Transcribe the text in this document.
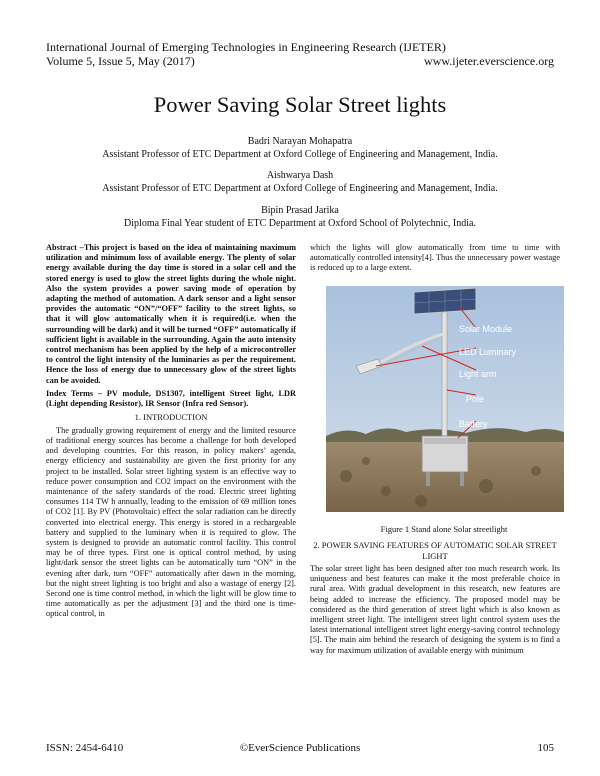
International Journal of Emerging Technologies in Engineering Research (IJETER)
Volume 5, Issue 5, May (2017)	www.ijeter.everscience.org
Power Saving Solar Street lights
Badri Narayan Mohapatra
Assistant Professor of ETC Department at Oxford College of Engineering and Management, India.
Aishwarya Dash
Assistant Professor of ETC Department at Oxford College of Engineering and Management, India.
Bipin Prasad Jarika
Diploma Final Year student of ETC Department at Oxford School of Polytechnic, India.

Abstract –This project is based on the idea of maintaining maximum utilization and minimum loss of available energy. The plenty of solar energy available during the day time is stored in a solar cell and the stored energy is used to glow the street lights during the whole night. Also the system provides a power saving mode of operation by adapting the method of automation. A dark sensor and a light sensor provides the automatic “ON”/“OFF” facility to the street lights, so that it will glow automatically when it is required(i.e. when the surrounding will be dark) and it will be turned “OFF” automatically if sufficient light is available in the surrounding. Again the auto intensity control mechanism has been applied by the help of a microcontroller to control the light intensity of the luminaries as per the requirement. Hence the loss of energy due to unnecessary glow of the street lights can be avoided.

Index Terms – PV module, DS1307, intelligent Street light, LDR (Light depending Resistor), IR Sensor (Infra red Sensor).

1. INTRODUCTION

The gradually growing requirement of energy and the limited resource of traditional energy sources has become a challenge for both developed and developing countries. For this reason, in policy makers’ agenda, energy efficiency and sustainability are given the first priority for any project to be installed. Solar street lighting system is an effective way to reduce power consumption and CO2 impact on the environment with the maintenance of the safety standards of the road. Electric street lighting consumes 114 TW h annually, leading to the emission of 69 million tones of CO2 [1]. By PV (Photovoltaic) effect the solar radiation can be directly converted into electrical energy. This energy is stored in a rechargeable battery and supplied to the luminary when it is required to glow. The system is designed to provide an automatic control facility. This control may be of three types. First one is optical control method, by using light/dark sensor the street lights can be automatically turn “ON” in the evening after dark, turn “OFF” automatically after dawn in the morning, but the night street lighting is too bright and also a wastage of energy [2]. Second one is time control method, in which the light will be glow time to time automatically as per the adjustment [3] and the third one is time-optical control, in

which the lights will glow automatically from time to time with automatically controlled intensity[4]. Thus the unnecessary power wastage is reduced up to a large extent.

Solar Module
LED Luminary
Light arm
Pole
Battery
Figure 1 Stand alone Solar streetlight
2. POWER SAVING FEATURES OF AUTOMATIC SOLAR STREET LIGHT

The solar street light has been designed after too much research work. Its uniqueness and best features can make it the most preferable choice in rural area. With gradual development in this research, new features are being added to increase the efficiency. The proposed model may be considered as the third generation of street light which is also known as intelligent street light. The intelligent street light control system uses the latest international intelligent street light energy-saving control technology [5]. The main aim behind the research of designing the system is to find a way for maximum utilization of available energy with minimum

ISSN: 2454-6410	©EverScience Publications	105
